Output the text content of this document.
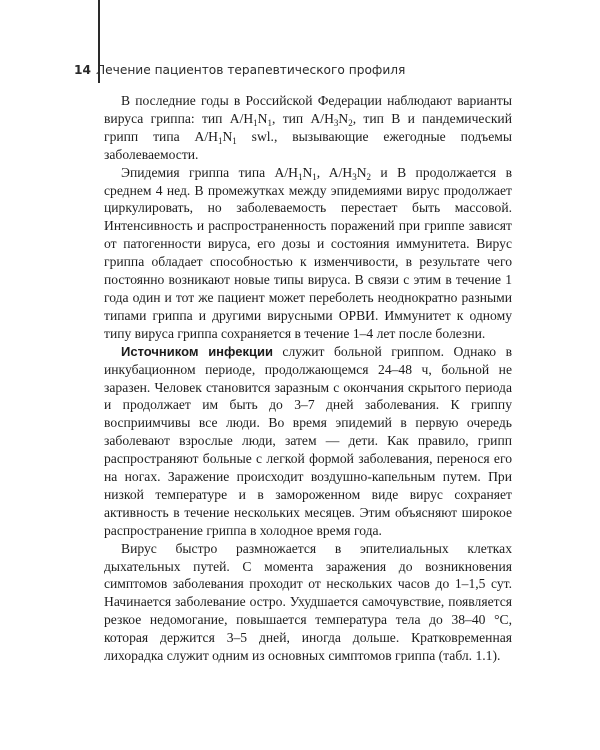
14 Лечение пациентов терапевтического профиля

В последние годы в Российской Федерации наблюдают варианты вируса гриппа: тип $A/H_1N_1$, тип $A/H_3N_2$, тип B и пандемический грипп типа $A/H_1N_1$ swl., вызывающие ежегодные подъемы заболеваемости.

Эпидемия гриппа типа $A/H_1N_1$, $A/H_3N_2$ и B продолжается в среднем 4 нед. В промежутках между эпидемиями вирус продолжает циркулировать, но заболеваемость перестает быть массовой. Интенсивность и распространенность поражений при гриппе зависят от патогенности вируса, его дозы и состояния иммунитета. Вирус гриппа обладает способностью к изменчивости, в результате чего постоянно возникают новые типы вируса. В связи с этим в течение 1 года один и тот же пациент может переболеть неоднократно разными типами гриппа и другими вирусными ОРВИ. Иммунитет к одному типу вируса гриппа сохраняется в течение 1–4 лет после болезни.

Источником инфекции служит больной гриппом. Однако в инкубационном периоде, продолжающемся 24–48 ч, больной не заразен. Человек становится заразным с окончания скрытого периода и продолжает им быть до 3–7 дней заболевания. К гриппу восприимчивы все люди. Во время эпидемий в первую очередь заболевают взрослые люди, затем — дети. Как правило, грипп распространяют больные с легкой формой заболевания, перенося его на ногах. Заражение происходит воздушно-капельным путем. При низкой температуре и в замороженном виде вирус сохраняет активность в течение нескольких месяцев. Этим объясняют широкое распространение гриппа в холодное время года.

Вирус быстро размножается в эпителиальных клетках дыхательных путей. С момента заражения до возникновения симптомов заболевания проходит от нескольких часов до 1–1,5 сут. Начинается заболевание остро. Ухудшается самочувствие, появляется резкое недомогание, повышается температура тела до 38–40 °С, которая держится 3–5 дней, иногда дольше. Кратковременная лихорадка служит одним из основных симптомов гриппа (табл. 1.1).
